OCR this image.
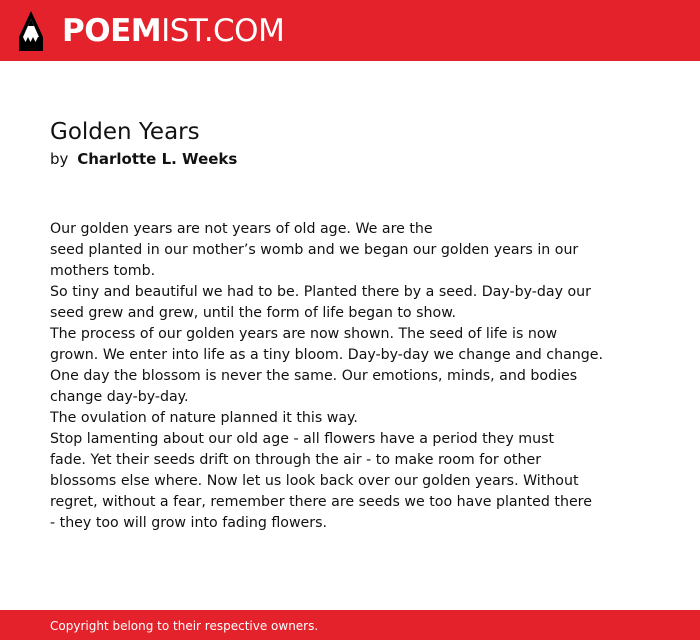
POEMIST.COM
Golden Years
by Charlotte L. Weeks
Our golden years are not years of old age. We are the
seed planted in our mother’s womb and we began our golden years in our
mothers tomb.
So tiny and beautiful we had to be. Planted there by a seed. Day-by-day our
seed grew and grew, until the form of life began to show.
The process of our golden years are now shown. The seed of life is now
grown. We enter into life as a tiny bloom. Day-by-day we change and change.
One day the blossom is never the same. Our emotions, minds, and bodies
change day-by-day.
The ovulation of nature planned it this way.
Stop lamenting about our old age - all flowers have a period they must
fade. Yet their seeds drift on through the air - to make room for other
blossoms else where. Now let us look back over our golden years. Without
regret, without a fear, remember there are seeds we too have planted there
- they too will grow into fading flowers.
Copyright belong to their respective owners.
